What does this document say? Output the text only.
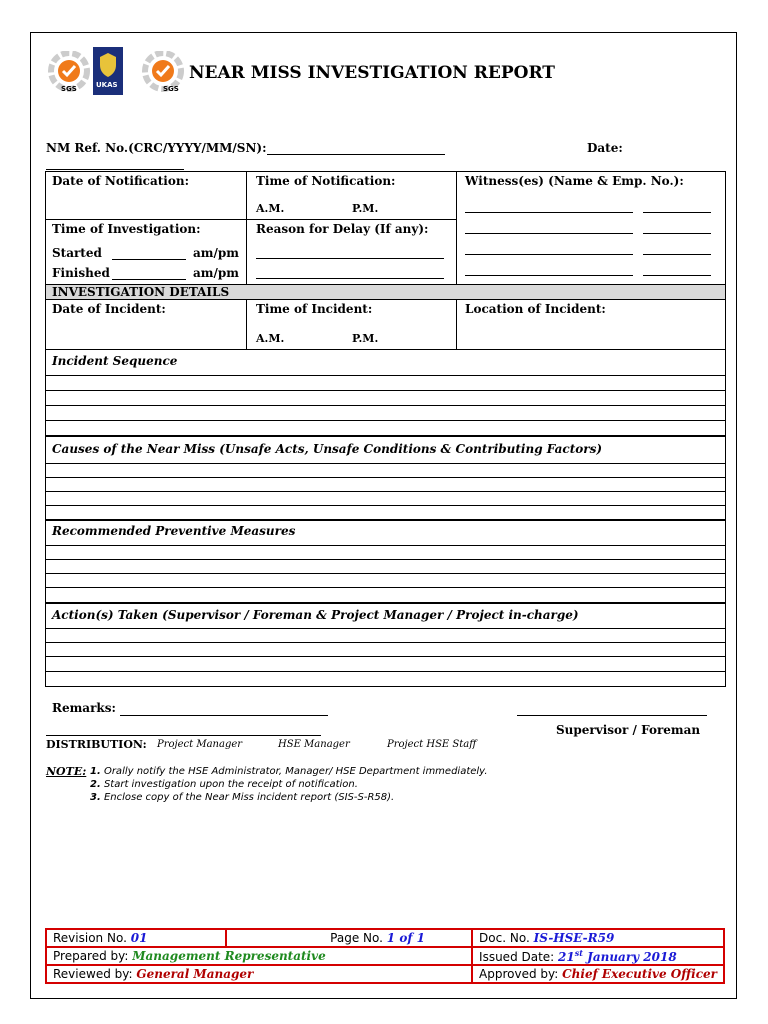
SGS	UKAS	SGS
NEAR MISS INVESTIGATION REPORT
NM Ref. No.(CRC/YYYY/MM/SN):	Date:
Date of Notification:	Time of Notification:	Witness(es) (Name & Emp. No.):
A.M.	P.M.
Time of Investigation:	Reason for Delay (If any):
Started	am/pm
Finished	am/pm
INVESTIGATION DETAILS
Date of Incident:	Time of Incident:	Location of Incident:
A.M.	P.M.
Incident Sequence
Causes of the Near Miss (Unsafe Acts, Unsafe Conditions & Contributing Factors)
Recommended Preventive Measures
Action(s) Taken (Supervisor / Foreman & Project Manager / Project in-charge)
Remarks:
Supervisor / Foreman
DISTRIBUTION: Project Manager	HSE Manager	Project HSE Staff
NOTE: 1. Orally notify the HSE Administrator, Manager/ HSE Department immediately.
2. Start investigation upon the receipt of notification.
3. Enclose copy of the Near Miss incident report (SIS-S-R58).
Revision No. 01	Page No. 1 of 1	Doc. No. IS-HSE-R59
Prepared by: Management Representative		Issued Date: 21st January 2018
Reviewed by: General Manager		Approved by: Chief Executive Officer
